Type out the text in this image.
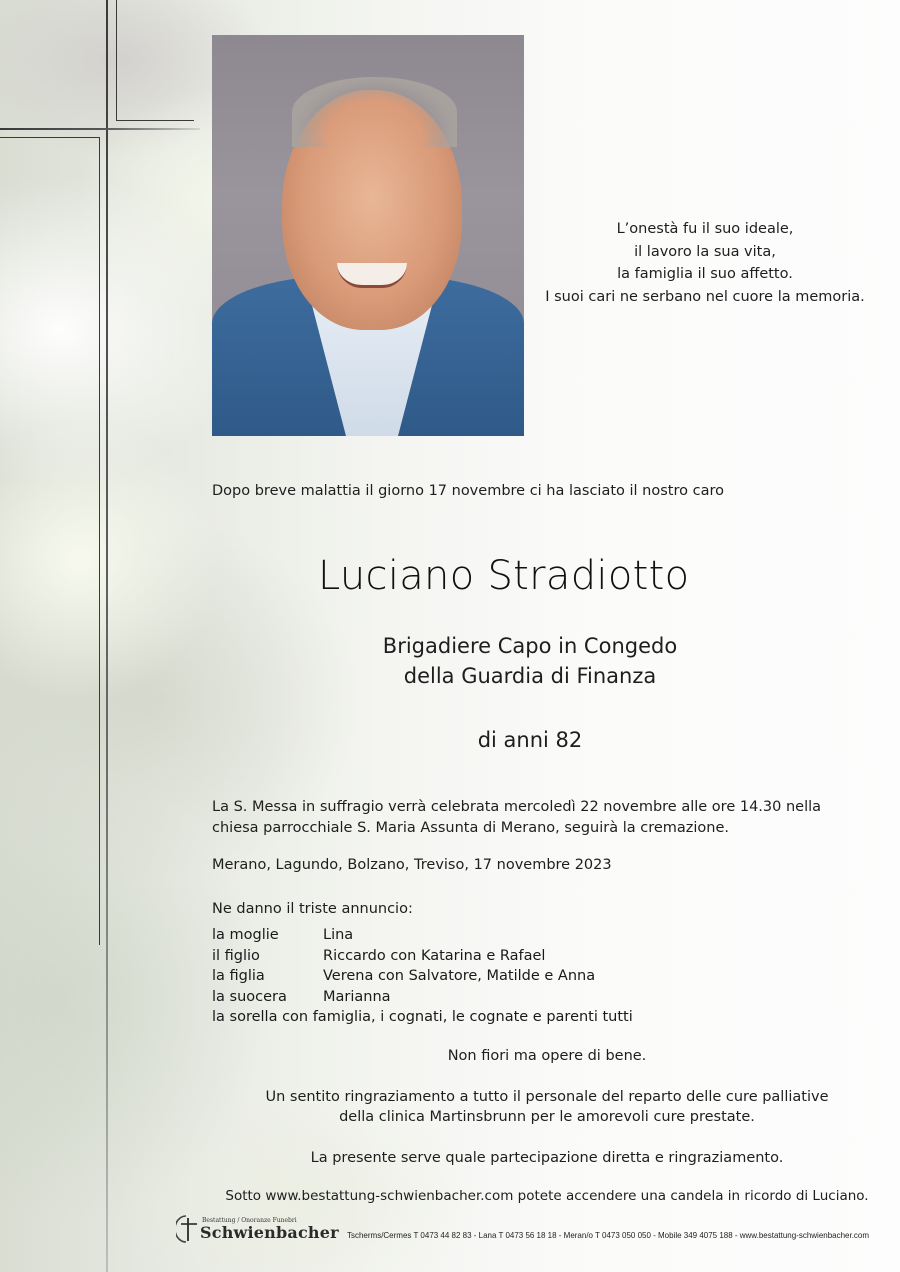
L’onestà fu il suo ideale,
il lavoro la sua vita,
la famiglia il suo affetto.
I suoi cari ne serbano nel cuore la memoria.
Dopo breve malattia il giorno 17 novembre ci ha lasciato il nostro caro
Luciano Stradiotto
Brigadiere Capo in Congedo
della Guardia di Finanza
di anni 82
La S. Messa in suffragio verrà celebrata mercoledì 22 novembre alle ore 14.30 nella
chiesa parrocchiale S. Maria Assunta di Merano, seguirà la cremazione.
Merano, Lagundo, Bolzano, Treviso, 17 novembre 2023
Ne danno il triste annuncio:
la moglie	Lina
il figlio	Riccardo con Katarina e Rafael
la figlia	Verena con Salvatore, Matilde e Anna
la suocera	Marianna
la sorella con famiglia, i cognati, le cognate e parenti tutti
Non fiori ma opere di bene.
Un sentito ringraziamento a tutto il personale del reparto delle cure palliative
della clinica Martinsbrunn per le amorevoli cure prestate.
La presente serve quale partecipazione diretta e ringraziamento.
Sotto www.bestattung-schwienbacher.com potete accendere una candela in ricordo di Luciano.
Bestattung / Onoranze Funebri
Schwienbacher Tscherms/Cermes T 0473 44 82 83 - Lana T 0473 56 18 18 - Meran/o T 0473 050 050 - Mobile 349 4075 188 - www.bestattung-schwienbacher.com
